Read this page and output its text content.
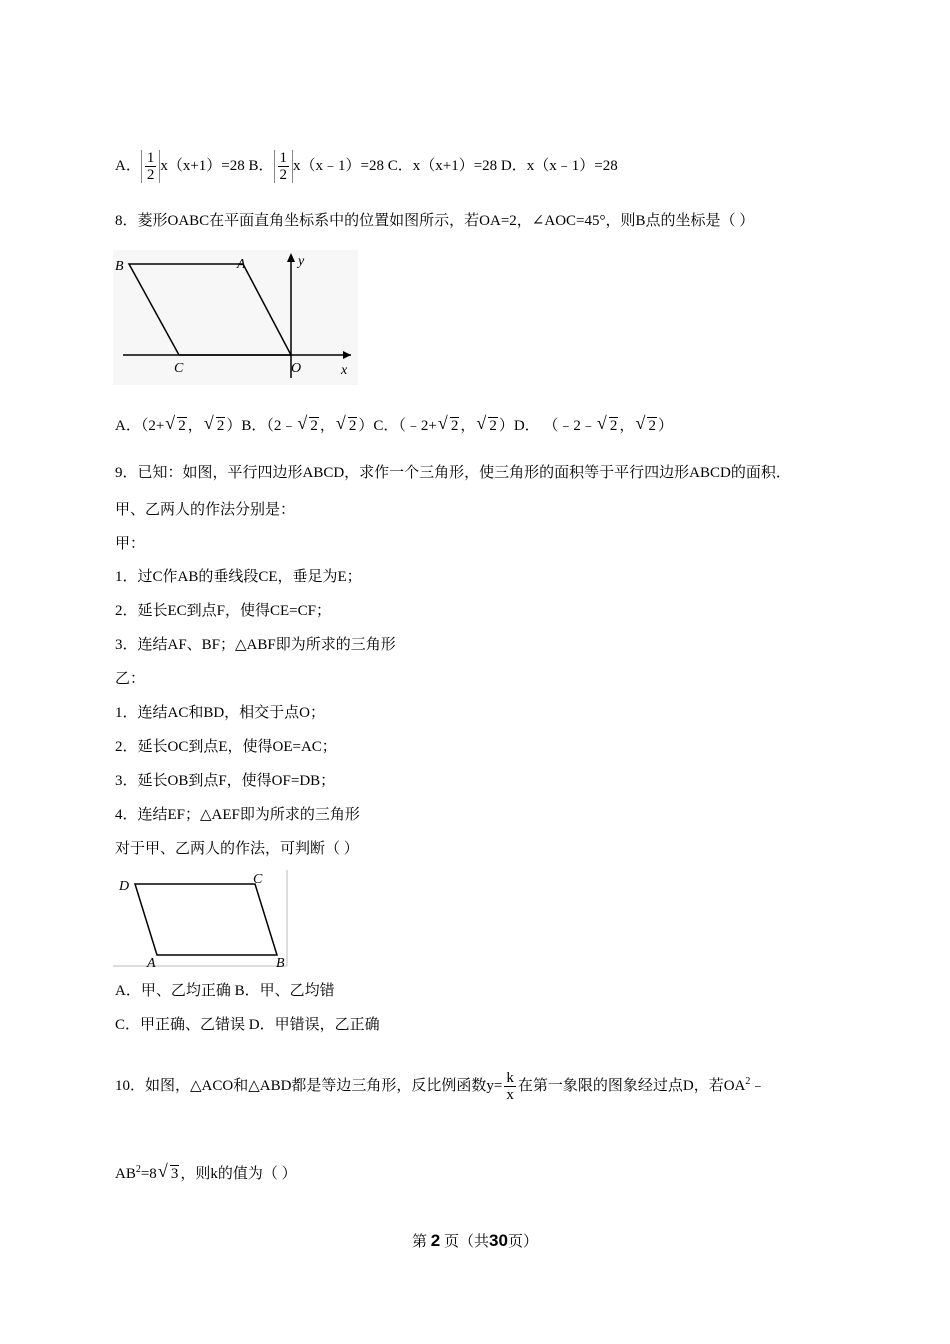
A． $\frac{1}{2} x(x+1)=28$ B． $\frac{1}{2}$ x（x﹣1）=28 C．x（x+1）=28 D．x（x﹣1）=28
8．菱形OABC在平面直角坐标系中的位置如图所示，若OA=2，∠AOC=45°，则B点的坐标是（ ）
B	A	y
C	O	x
A．（2+√ 2 ，√ 2 ）B．（2﹣√ 2 ，√ 2 ）C．（﹣2+√ 2 ，√ 2 ）D． （﹣2﹣√ 2 ，√ 2 ）
9．已知：如图，平行四边形ABCD，求作一个三角形，使三角形的面积等于平行四边形ABCD的面积．
甲、乙两人的作法分别是：
甲：
1．过C作AB的垂线段CE，垂足为E；
2．延长EC到点F，使得CE=CF；
3．连结AF、BF；△ABF即为所求的三角形
乙：
1．连结AC和BD，相交于点O；
2．延长OC到点E，使得OE=AC；
3．延长OB到点F，使得OF=DB；
4．连结EF；△AEF即为所求的三角形
对于甲、乙两人的作法，可判断（ ）
D	C
A	B
A．甲、乙均正确 B．甲、乙均错
C．甲正确、乙错误 D．甲错误，乙正确
10．如图，△ACO和△ABD都是等边三角形，反比例函数$y= \frac{k}{x}$ 在第一象限的图象经过点D，若$OA^2﹣$
$AB^2=8√$ 3 ，则k的值为（ ）
第 2 页（共30页）
